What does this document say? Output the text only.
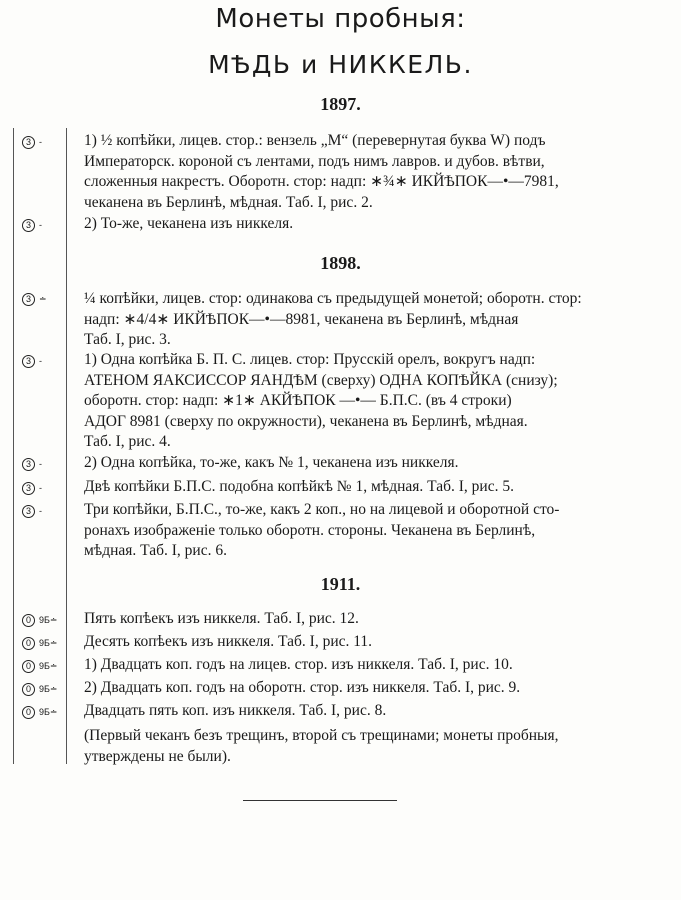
Монеты пробныя:
МѢДЬ и НИККЕЛЬ.
1897.
3 -	1) ½ копѣйки, лицев. стор.: вензель „M“ (перевернутая буква W) подъ
Императорск. короной съ лентами, подъ нимъ лавров. и дубов. вѣтви,
сложенныя накрестъ. Оборотн. стор: надп: ∗¾∗ ИКЙѢПОК—•—7981,
чеканена въ Берлинѣ, мѣдная. Таб. I, рис. 2.
3 -	2) То-же, чеканена изъ никкеля.
1898.
3 ∸ ¼ копѣйки, лицев. стор: одинакова съ предыдущей монетой; оборотн. стор:
надп: ∗4/4∗ ИКЙѢПОК—•—8981, чеканена въ Берлинѣ, мѣдная
Таб. I, рис. 3.
3 -	1) Одна копѣйка Б. П. С. лицев. стор: Прусскій орелъ, вокругъ надп:
АТЕНОМ ЯАКСИССОР ЯАНДѢМ (сверху) ОДНА КОПѢЙКА (снизу);
оборотн. стор: надп: ∗1∗ АКЙѢПОК —•— Б.П.С. (въ 4 строки)
АДОГ 8981 (сверху по окружности), чеканена въ Берлинѣ, мѣдная.
Таб. I, рис. 4.
3 -	2) Одна копѣйка, то-же, какъ № 1, чеканена изъ никкеля.
3 -	Двѣ копѣйки Б.П.С. подобна копѣйкѣ № 1, мѣдная. Таб. I, рис. 5.
3 -	Три копѣйки, Б.П.С., то-же, какъ 2 коп., но на лицевой и оборотной сто-
ронахъ изображеніе только оборотн. стороны. Чеканена въ Берлинѣ,
мѣдная. Таб. I, рис. 6.
1911.
0 9Б∸ Пять копѣекъ изъ никкеля. Таб. I, рис. 12.
0 9Б∸ Десять копѣекъ изъ никкеля. Таб. I, рис. 11.
0 9Б∸ 1) Двадцать коп. годъ на лицев. стор. изъ никкеля. Таб. I, рис. 10.
0 9Б∸ 2) Двадцать коп. годъ на оборотн. стор. изъ никкеля. Таб. I, рис. 9.
0 9Б∸ Двадцать пять коп. изъ никкеля. Таб. I, рис. 8.
(Первый чеканъ безъ трещинъ, второй съ трещинами; монеты пробныя,
утверждены не были).
